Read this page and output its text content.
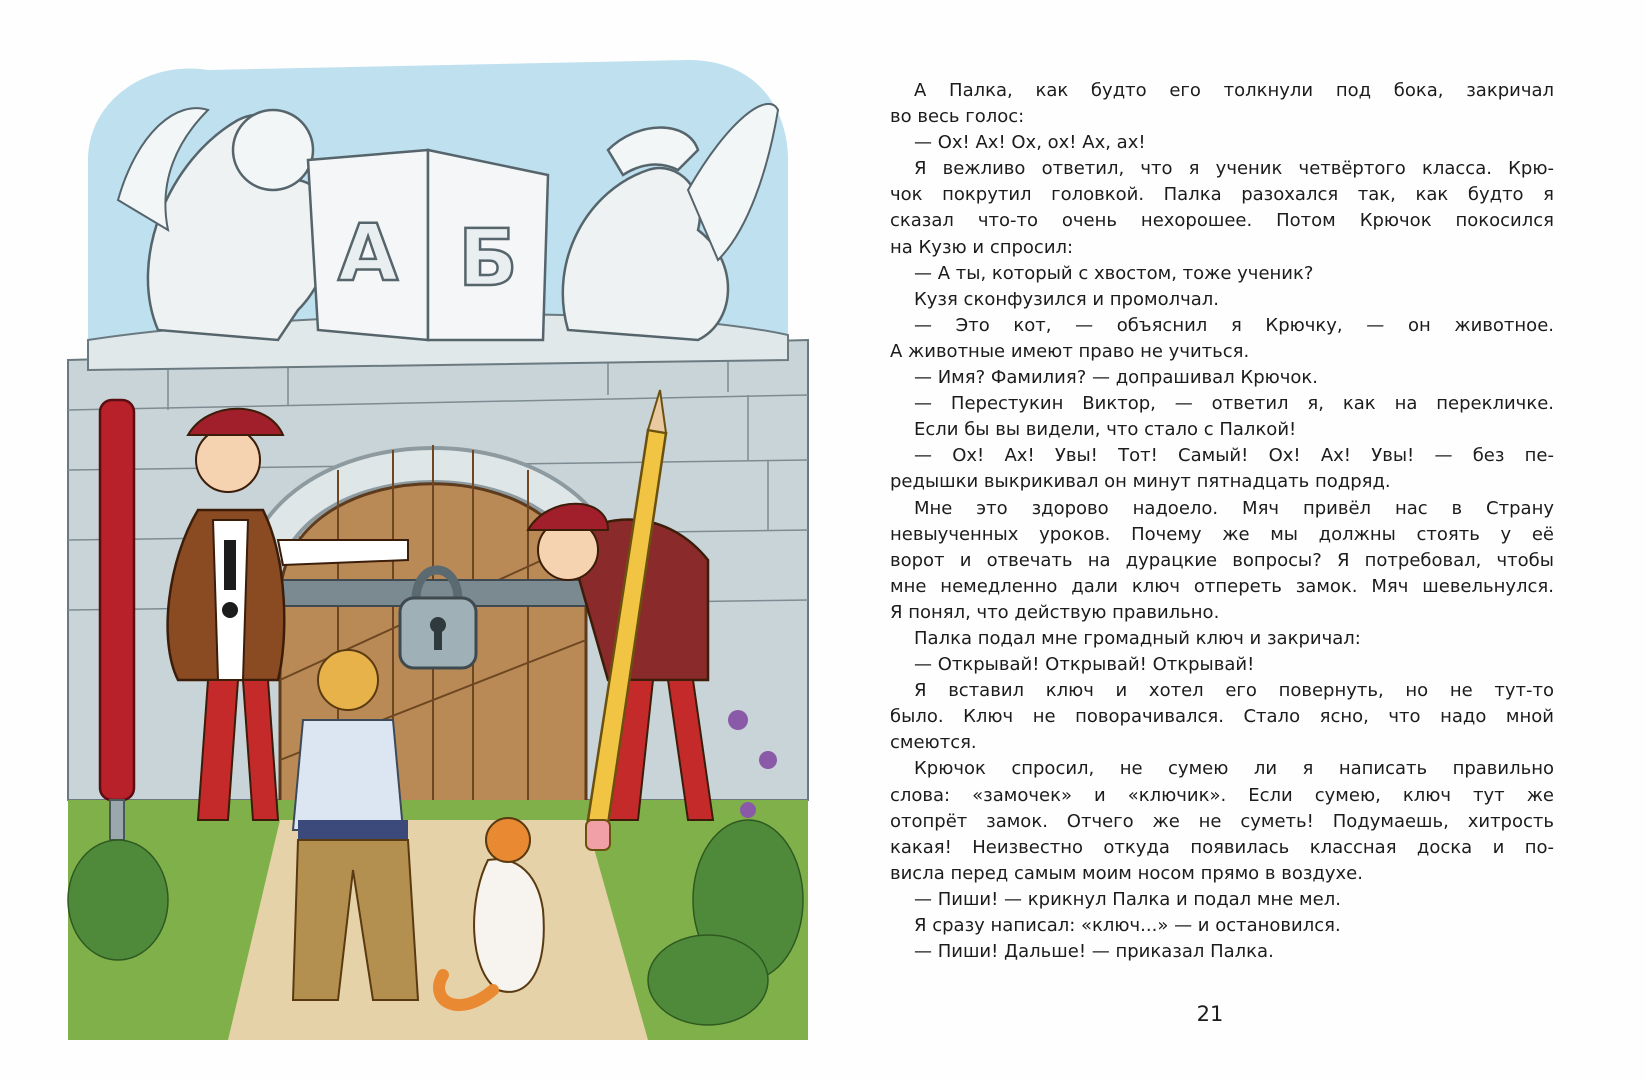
А Б
А Палка, как будто его толкнули под бока, закричал
во весь голос:
— Ох! Ах! Ох, ох! Ах, ах!
Я вежливо ответил, что я ученик четвёртого класса. Крю-
чок покрутил головкой. Палка разохался так, как будто я
сказал что-то очень нехорошее. Потом Крючок покосился
на Кузю и спросил:
— А ты, который с хвостом, тоже ученик?
Кузя сконфузился и промолчал.
— Это кот, — объяснил я Крючку, — он животное.
А животные имеют право не учиться.
— Имя? Фамилия? — допрашивал Крючок.
— Перестукин Виктор, — ответил я, как на перекличке.
Если бы вы видели, что стало с Палкой!
— Ох! Ах! Увы! Тот! Самый! Ох! Ах! Увы! — без пе-
редышки выкрикивал он минут пятнадцать подряд.
Мне это здорово надоело. Мяч привёл нас в Страну
невыученных уроков. Почему же мы должны стоять у её
ворот и отвечать на дурацкие вопросы? Я потребовал, чтобы
мне немедленно дали ключ отпереть замок. Мяч шевельнулся.
Я понял, что действую правильно.
Палка подал мне громадный ключ и закричал:
— Открывай! Открывай! Открывай!
Я вставил ключ и хотел его повернуть, но не тут-то
было. Ключ не поворачивался. Стало ясно, что надо мной
смеются.
Крючок спросил, не сумею ли я написать правильно
слова: «замочек» и «ключик». Если сумею, ключ тут же
отопрёт замок. Отчего же не суметь! Подумаешь, хитрость
какая! Неизвестно откуда появилась классная доска и по-
висла перед самым моим носом прямо в воздухе.
— Пиши! — крикнул Палка и подал мне мел.
Я сразу написал: «ключ...» — и остановился.
— Пиши! Дальше! — приказал Палка.
21
